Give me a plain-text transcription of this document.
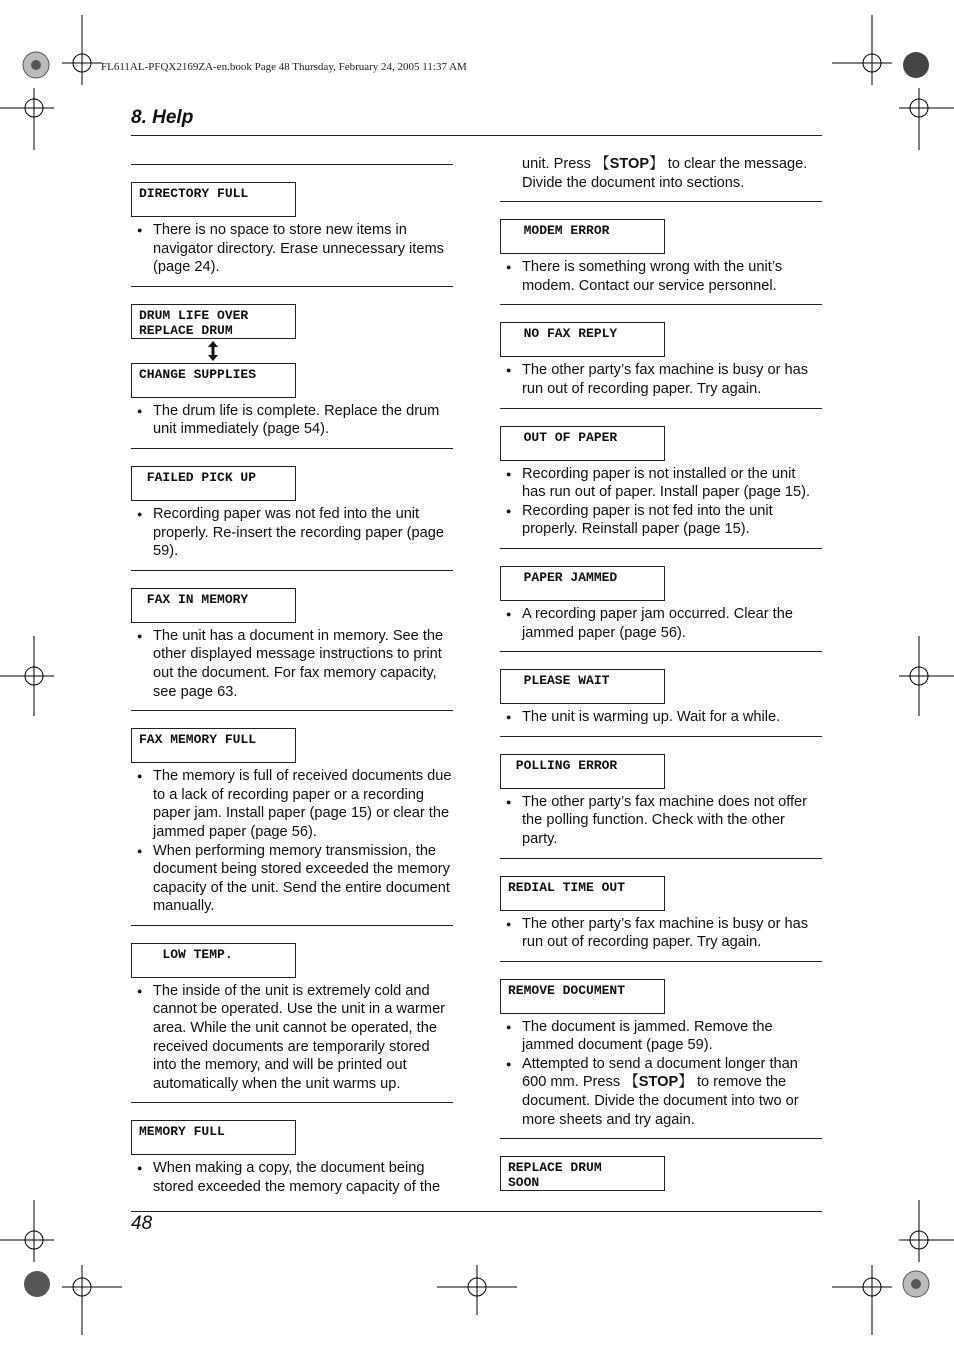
FL611AL-PFQX2169ZA-en.book Page 48 Thursday, February 24, 2005 11:37 AM
8. Help
DIRECTORY FULL
● There is no space to store new items in navigator directory. Erase unnecessary items (page 24).
DRUM LIFE OVER
REPLACE DRUM
CHANGE SUPPLIES
● The drum life is complete. Replace the drum unit immediately (page 54).
FAILED PICK UP
● Recording paper was not fed into the unit properly. Re-insert the recording paper (page 59).
FAX IN MEMORY
● The unit has a document in memory. See the other displayed message instructions to print out the document. For fax memory capacity, see page 63.
FAX MEMORY FULL
● The memory is full of received documents due to a lack of recording paper or a recording paper jam. Install paper (page 15) or clear the jammed paper (page 56).
● When performing memory transmission, the document being stored exceeded the memory capacity of the unit. Send the entire document manually.
LOW TEMP.
● The inside of the unit is extremely cold and cannot be operated. Use the unit in a warmer area. While the unit cannot be operated, the received documents are temporarily stored into the memory, and will be printed out automatically when the unit warms up.
MEMORY FULL
● When making a copy, the document being stored exceeded the memory capacity of the
unit. Press 【 STOP 】 to clear the message. Divide the document into sections.
MODEM ERROR
● There is something wrong with the unit’s modem. Contact our service personnel.
NO FAX REPLY
● The other party’s fax machine is busy or has run out of recording paper. Try again.
OUT OF PAPER
● Recording paper is not installed or the unit has run out of paper. Install paper (page 15).
● Recording paper is not fed into the unit properly. Reinstall paper (page 15).
PAPER JAMMED
● A recording paper jam occurred. Clear the jammed paper (page 56).
PLEASE WAIT
● The unit is warming up. Wait for a while.
POLLING ERROR
● The other party’s fax machine does not offer the polling function. Check with the other party.
REDIAL TIME OUT
● The other party’s fax machine is busy or has run out of recording paper. Try again.
REMOVE DOCUMENT
● The document is jammed. Remove the jammed document (page 59).
● Attempted to send a document longer than 600 mm. Press 【 STOP 】 to remove the document. Divide the document into two or more sheets and try again.
REPLACE DRUM
SOON
48
